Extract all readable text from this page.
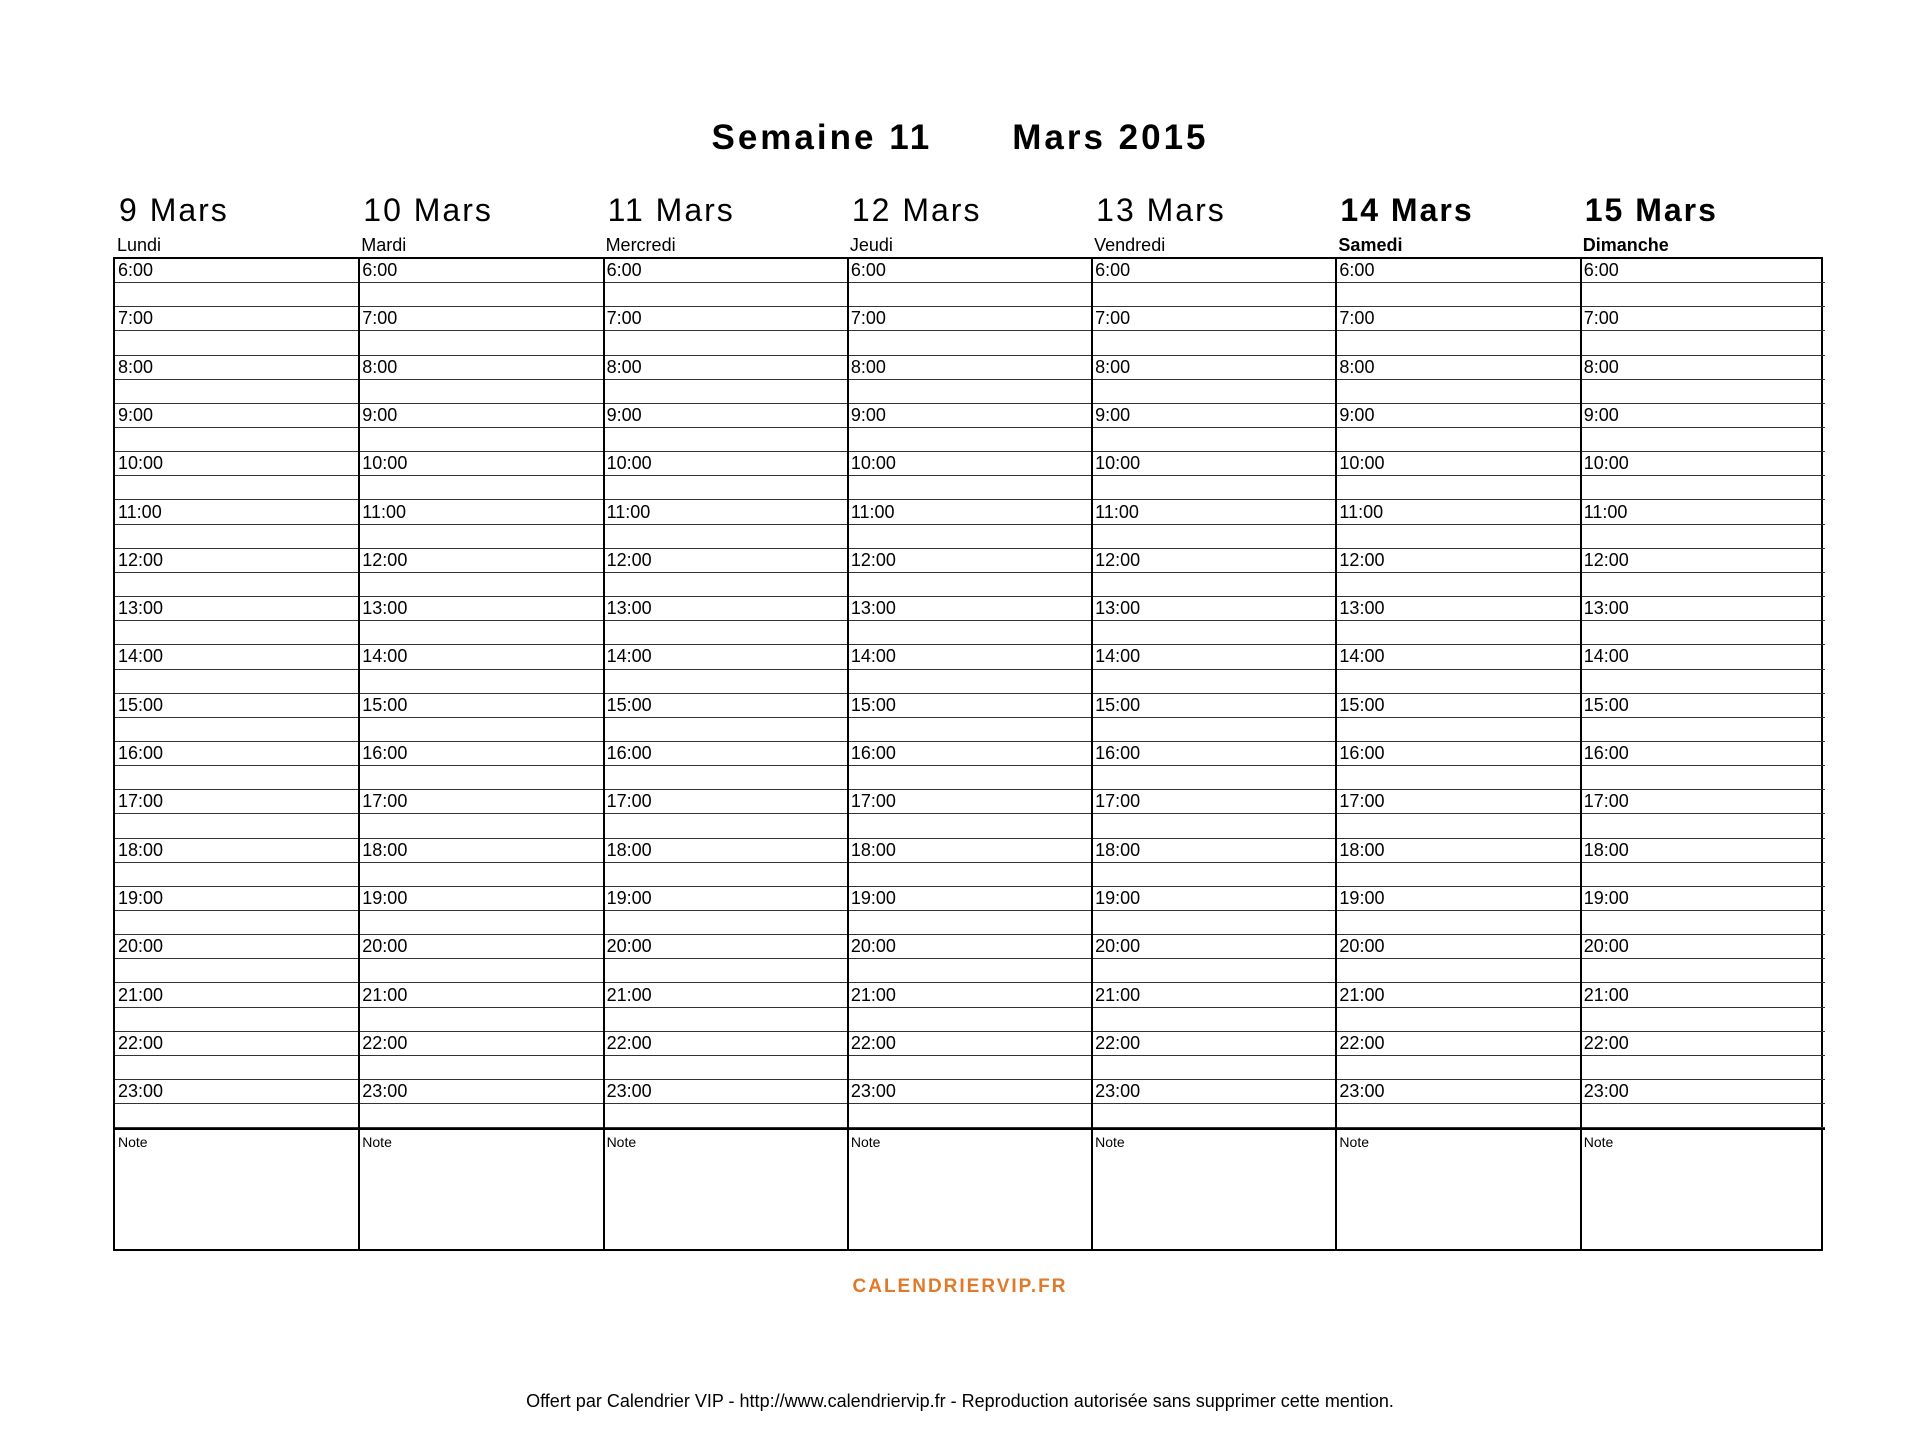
Semaine 11 Mars 2015
9 Mars
Lundi
10 Mars
Mardi
11 Mars
Mercredi
12 Mars
Jeudi
13 Mars
Vendredi
14 Mars
Samedi
15 Mars
Dimanche
6:00
7:00
8:00
9:00
10:00
11:00
12:00
13:00
14:00
15:00
16:00
17:00
18:00
19:00
20:00
21:00
22:00
23:00
Note
6:00
7:00
8:00
9:00
10:00
11:00
12:00
13:00
14:00
15:00
16:00
17:00
18:00
19:00
20:00
21:00
22:00
23:00
Note
6:00
7:00
8:00
9:00
10:00
11:00
12:00
13:00
14:00
15:00
16:00
17:00
18:00
19:00
20:00
21:00
22:00
23:00
Note
6:00
7:00
8:00
9:00
10:00
11:00
12:00
13:00
14:00
15:00
16:00
17:00
18:00
19:00
20:00
21:00
22:00
23:00
Note
6:00
7:00
8:00
9:00
10:00
11:00
12:00
13:00
14:00
15:00
16:00
17:00
18:00
19:00
20:00
21:00
22:00
23:00
Note
6:00
7:00
8:00
9:00
10:00
11:00
12:00
13:00
14:00
15:00
16:00
17:00
18:00
19:00
20:00
21:00
22:00
23:00
Note
6:00
7:00
8:00
9:00
10:00
11:00
12:00
13:00
14:00
15:00
16:00
17:00
18:00
19:00
20:00
21:00
22:00
23:00
Note
CALENDRIERVIP.FR
Offert par Calendrier VIP - http://www.calendriervip.fr - Reproduction autorisée sans supprimer cette mention.
